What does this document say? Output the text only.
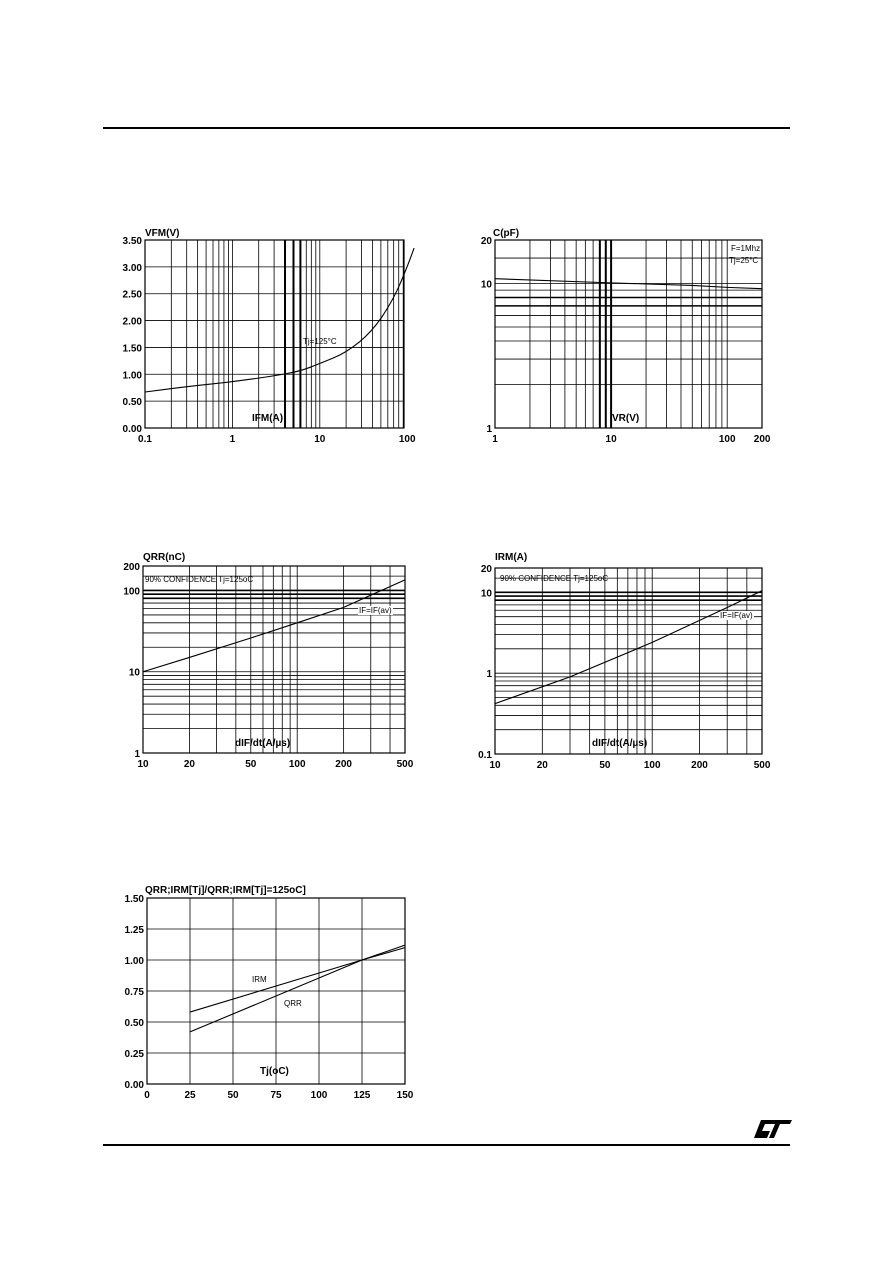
0.1	1	10	100
0.00
0.50
1.00
1.50
2.00
2.50
3.00
3.50
VFM(V)
IFM(A)
Tj=125°C
1	10	100 200
1
10
20
C(pF)
VR(V)
F=1Mhz
Tj=25°C
10	20	50	100	200	500
1
10
100
200
QRR(nC)
dIF/dt(A/µs)
90% CONFIDENCE Tj=125oC
IF=IF(av)
10	20	50	100	200	500
0.1
1
10
20
IRM(A)
dIF/dt(A/µs)
90% CONFIDENCE Tj=125oC
IF=IF(av)
0	25	50	75	100	125	150
0.00
0.25
0.50
0.75
1.00
1.25
1.50
QRR;IRM[Tj]/QRR;IRM[Tj]=125oC]
Tj(oC)
IRM
QRR
